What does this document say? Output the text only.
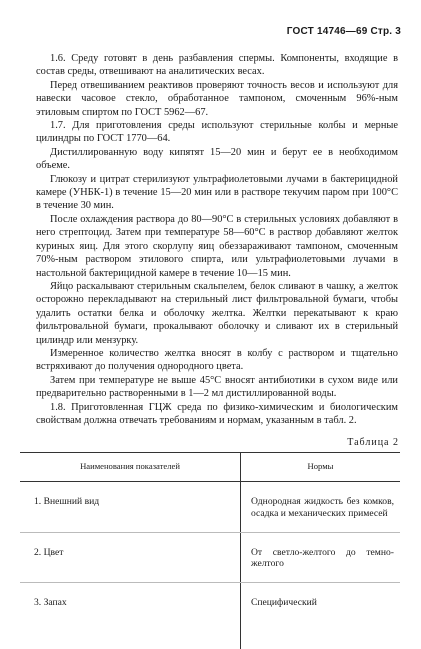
ГОСТ 14746—69 Стр. 3

1.6. Среду готовят в день разбавления спермы. Компоненты, входящие в состав среды, отвешивают на аналитических весах.

Перед отвешиванием реактивов проверяют точность весов и используют для навески часовое стекло, обработанное тампоном, смоченным 96%-ным этиловым спиртом по ГОСТ 5962—67.

1.7. Для приготовления среды используют стерильные колбы и мерные цилиндры по ГОСТ 1770—64.

Дистиллированную воду кипятят 15—20 мин и берут ее в необходимом объеме.

Глюкозу и цитрат стерилизуют ультрафиолетовыми лучами в бактерицидной камере (УНБК-1) в течение 15—20 мин или в растворе текучим паром при 100°С в течение 30 мин.

После охлаждения раствора до 80—90°С в стерильных условиях добавляют в него стрептоцид. Затем при температуре 58—60°С в раствор добавляют желток куриных яиц. Для этого скорлупу яиц обеззараживают тампоном, смоченным 70%-ным раствором этилового спирта, или ультрафиолетовыми лучами в настольной бактерицидной камере в течение 10—15 мин.

Яйцо раскалывают стерильным скальпелем, белок сливают в чашку, а желток осторожно перекладывают на стерильный лист фильтровальной бумаги, чтобы удалить остатки белка и оболочку желтка. Желтки перекатывают к краю фильтровальной бумаги, прокалывают оболочку и сливают их в стерильный цилиндр или мензурку.

Измеренное количество желтка вносят в колбу с раствором и тщательно встряхивают до получения однородного цвета.

Затем при температуре не выше 45°С вносят антибиотики в сухом виде или предварительно растворенными в 1—2 мл дистиллированной воды.

1.8. Приготовленная ГЦЖ среда по физико-химическим и биологическим свойствам должна отвечать требованиям и нормам, указанным в табл. 2.

Таблица 2
Наименования показателей	Нормы
1. Внешний вид	Однородная жидкость без комков, осадка и механических примесей
2. Цвет	От светло-желтого до темно-желтого
3. Запах	Специфический
